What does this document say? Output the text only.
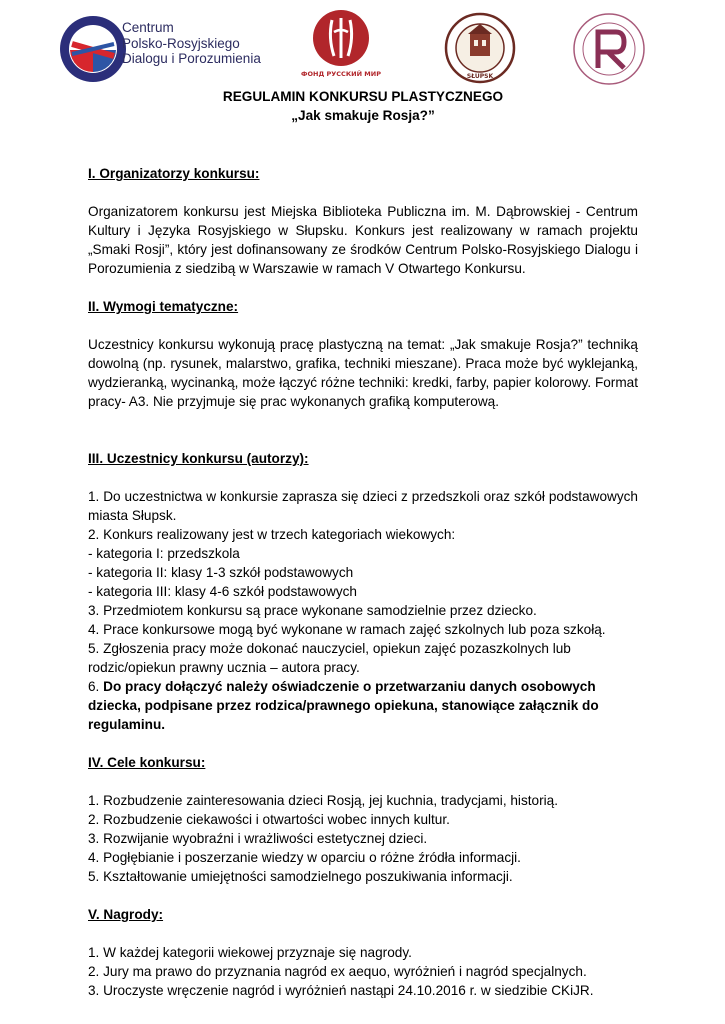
Centrum
Polsko-Rosyjskiego
Dialogu i Porozumienia
ФОНД РУССКИЙ МИР	SŁUPSK

REGULAMIN KONKURSU PLASTYCZNEGO

„Jak smakuje Rosja?”

I. Organizatorzy konkursu:

Organizatorem konkursu jest Miejska Biblioteka Publiczna im. M. Dąbrowskiej - Centrum Kultury i Języka Rosyjskiego w Słupsku. Konkurs jest realizowany w ramach projektu „Smaki Rosji”, który jest dofinansowany ze środków Centrum Polsko-Rosyjskiego Dialogu i Porozumienia z siedzibą w Warszawie w ramach V Otwartego Konkursu.

II. Wymogi tematyczne:

Uczestnicy konkursu wykonują pracę plastyczną na temat: „Jak smakuje Rosja?” techniką dowolną (np. rysunek, malarstwo, grafika, techniki mieszane). Praca może być wyklejanką, wydzieranką, wycinanką, może łączyć różne techniki: kredki, farby, papier kolorowy. Format pracy- A3. Nie przyjmuje się prac wykonanych grafiką komputerową.

III. Uczestnicy konkursu (autorzy):

1. Do uczestnictwa w konkursie zaprasza się dzieci z przedszkoli oraz szkół podstawowych miasta Słupsk.

2. Konkurs realizowany jest w trzech kategoriach wiekowych:

- kategoria I: przedszkola

- kategoria II: klasy 1-3 szkół podstawowych

- kategoria III: klasy 4-6 szkół podstawowych

3. Przedmiotem konkursu są prace wykonane samodzielnie przez dziecko.

4. Prace konkursowe mogą być wykonane w ramach zajęć szkolnych lub poza szkołą.

5. Zgłoszenia pracy może dokonać nauczyciel, opiekun zajęć pozaszkolnych lub

rodzic/opiekun prawny ucznia – autora pracy.

6. Do pracy dołączyć należy oświadczenie o przetwarzaniu danych osobowych dziecka, podpisane przez rodzica/prawnego opiekuna, stanowiące załącznik do regulaminu.

IV. Cele konkursu:

1. Rozbudzenie zainteresowania dzieci Rosją, jej kuchnia, tradycjami, historią.

2. Rozbudzenie ciekawości i otwartości wobec innych kultur.

3. Rozwijanie wyobraźni i wrażliwości estetycznej dzieci.

4. Pogłębianie i poszerzanie wiedzy w oparciu o różne źródła informacji.

5. Kształtowanie umiejętności samodzielnego poszukiwania informacji.

V. Nagrody:

1. W każdej kategorii wiekowej przyznaje się nagrody.

2. Jury ma prawo do przyznania nagród ex aequo, wyróżnień i nagród specjalnych.

3. Uroczyste wręczenie nagród i wyróżnień nastąpi 24.10.2016 r. w siedzibie CKiJR.
